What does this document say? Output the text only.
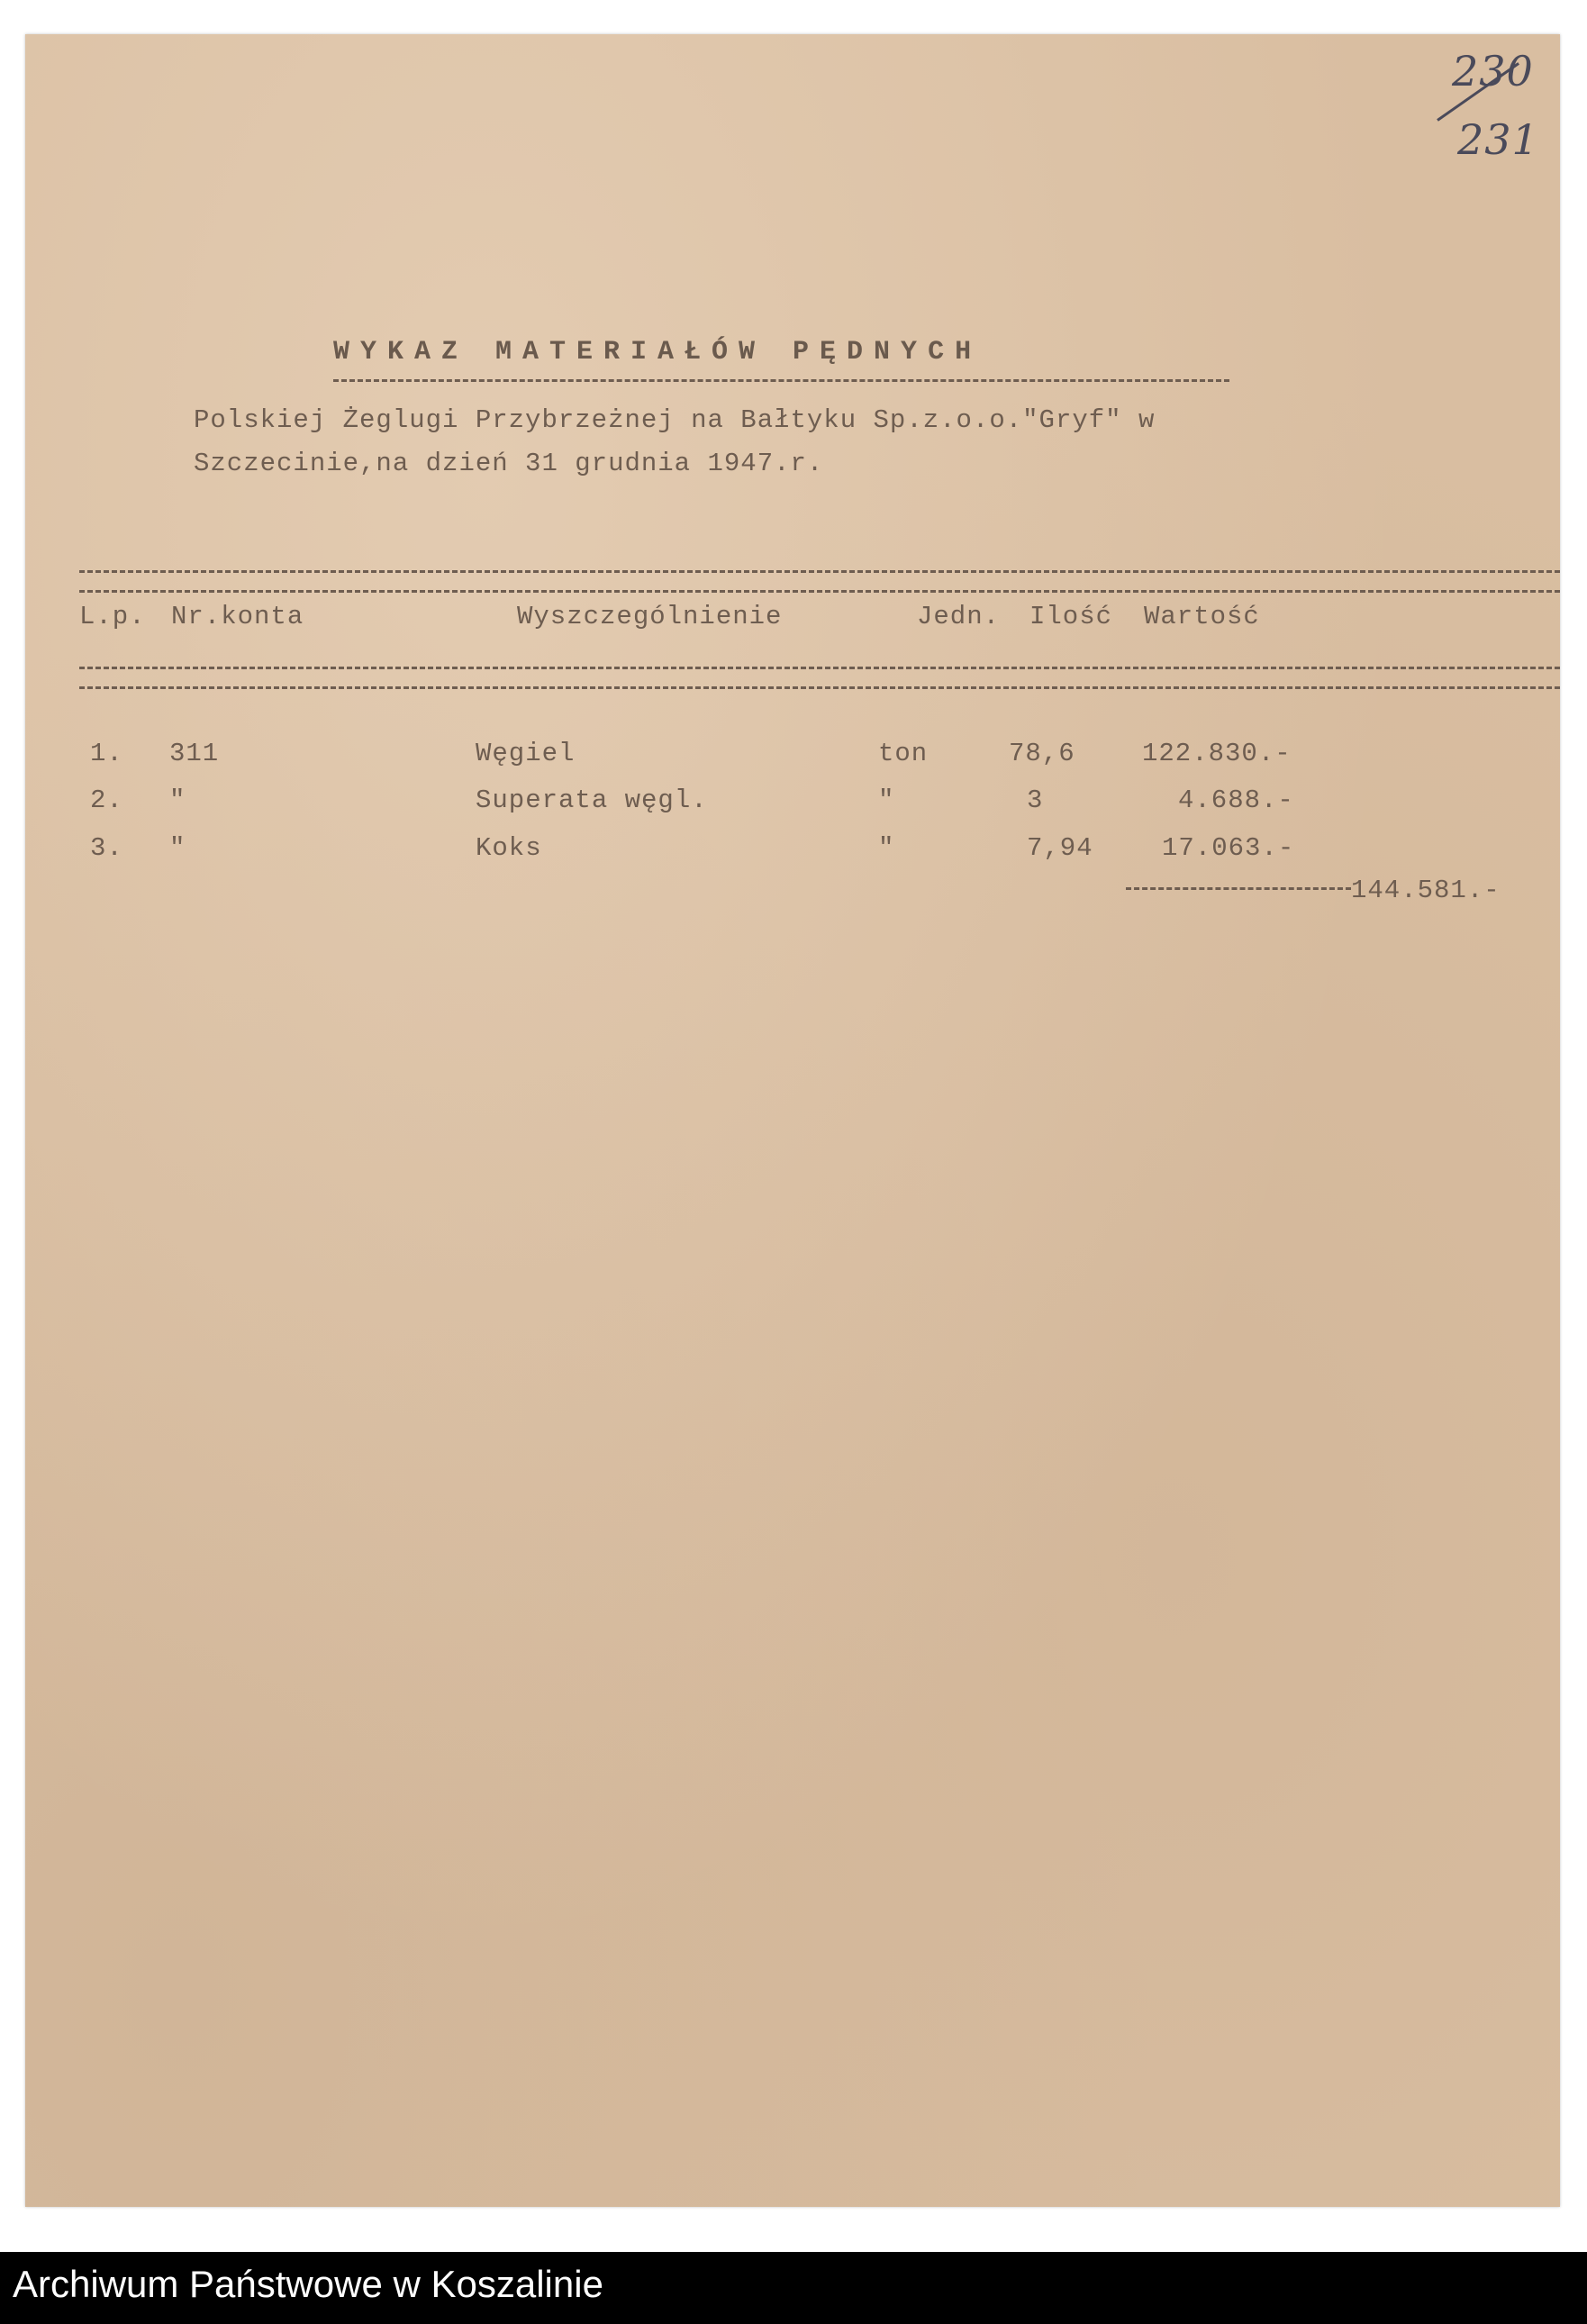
230
231
WYKAZ MATERIAŁÓW PĘDNYCH
Polskiej Żeglugi Przybrzeżnej na Bałtyku Sp.z.o.o."Gryf" w
Szczecinie,na dzień 31 grudnia 1947.r.
L.p. Nr.konta	Wyszczególnienie	Jedn. Ilość Wartość
1. 311	Węgiel	ton	78,6	122.830.-
2. "	Superata węgl.	"	3	4.688.-
3. "	Koks	"	7,94	17.063.-
144.581.-
Archiwum Państwowe w Koszalinie
